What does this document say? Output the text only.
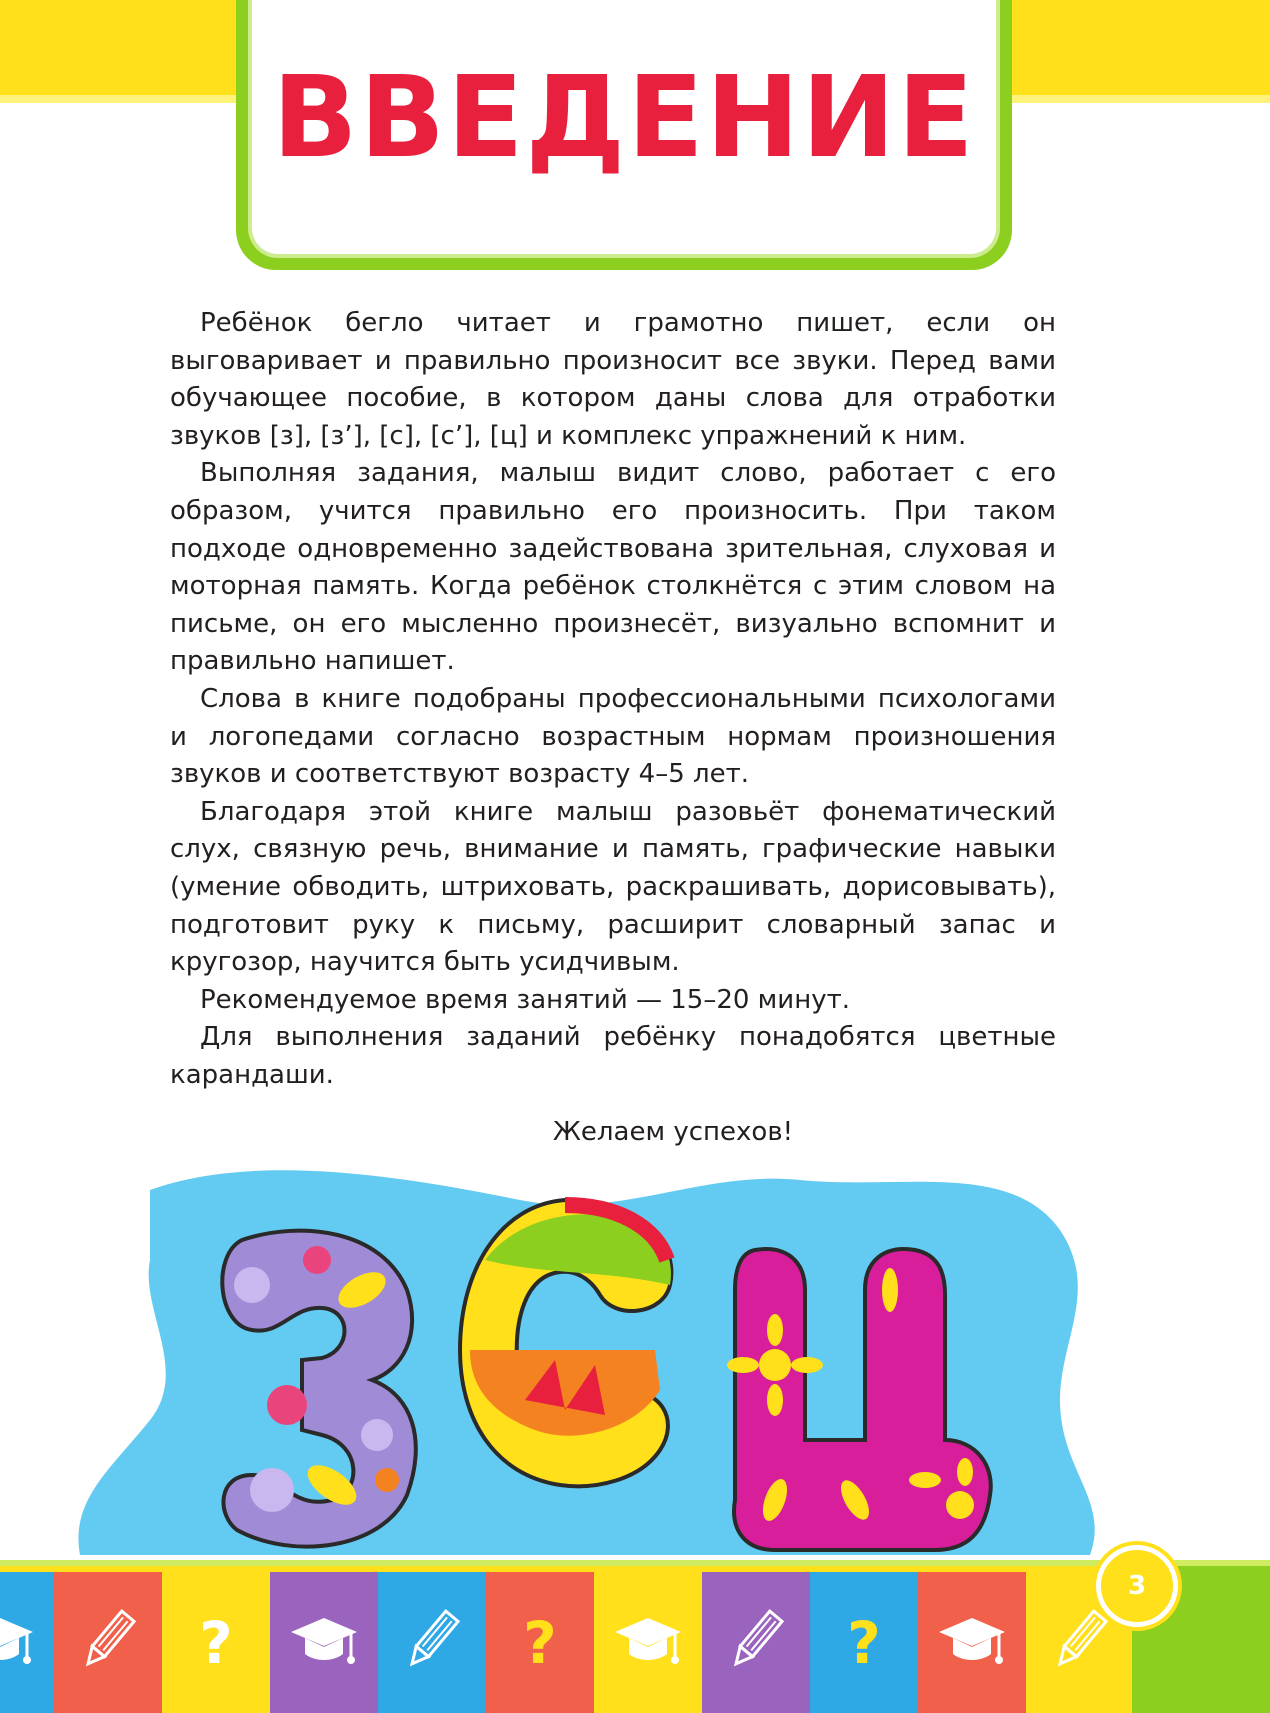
ВВЕДЕНИЕ

Ребёнок бегло читает и грамотно пишет, если он выговаривает и правильно произносит все звуки. Перед вами обучающее пособие, в котором даны слова для отработки звуков [з], [з’], [с], [с’], [ц] и комплекс упражнений к ним.

Выполняя задания, малыш видит слово, работает с его образом, учится правильно его произносить. При таком подходе одновременно задействована зрительная, слуховая и моторная память. Когда ребёнок столкнётся с этим словом на письме, он его мысленно произнесёт, визуально вспомнит и правильно напишет.

Слова в книге подобраны профессиональными психологами и логопедами согласно возрастным нормам произношения звуков и соответствуют возрасту 4–5 лет.

Благодаря этой книге малыш разовьёт фонематический слух, связную речь, внимание и память, графические навыки (умение обводить, штриховать, раскрашивать, дорисовывать), подготовит руку к письму, расширит словарный запас и кругозор, научится быть усидчивым.

Рекомендуемое время занятий — 15–20 минут.

Для выполнения заданий ребёнку понадобятся цветные карандаши.

Желаем успехов!

?	?	?
3
